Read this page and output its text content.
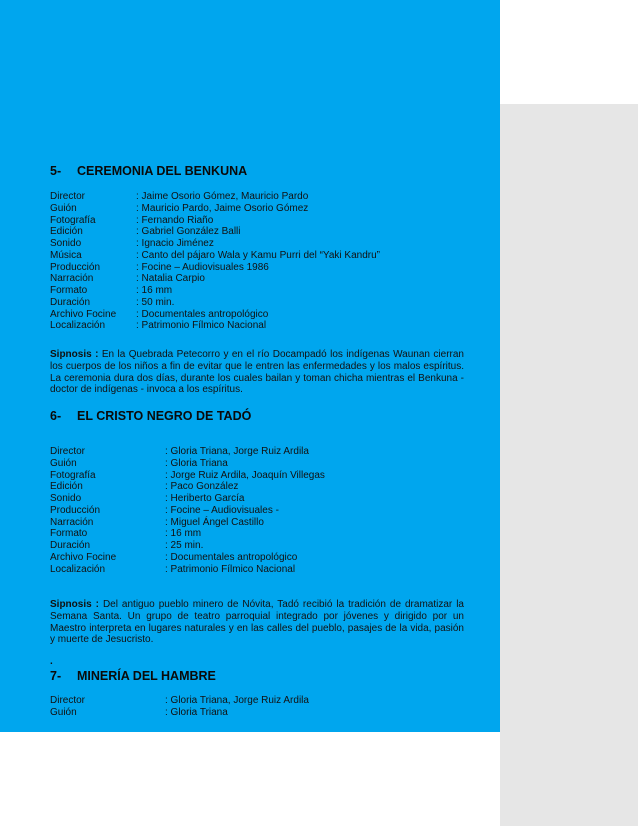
5- CEREMONIA DEL BENKUNA
Director	: Jaime Osorio Gómez, Mauricio Pardo
Guión	: Mauricio Pardo, Jaime Osorio Gómez
Fotografía	: Fernando Riaño
Edición	: Gabriel González Balli
Sonido	: Ignacio Jiménez
Música	: Canto del pájaro Wala y Kamu Purri del “Yaki Kandru”
Producción	: Focine – Audiovisuales 1986
Narración	: Natalia Carpio
Formato	: 16 mm
Duración	: 50 min.
Archivo Focine : Documentales antropológico
Localización	: Patrimonio Fílmico Nacional
Sipnosis : En la Quebrada Petecorro y en el río Docampadó los indígenas Waunan cierran los cuerpos de los niños a fin de evitar que le entren las enfermedades y los malos espíritus. La ceremonia dura dos días, durante los cuales bailan y toman chicha mientras el Benkuna - doctor de indígenas - invoca a los espíritus.
6- EL CRISTO NEGRO DE TADÓ
Director	: Gloria Triana, Jorge Ruiz Ardila
Guión	: Gloria Triana
Fotografía	: Jorge Ruiz Ardila, Joaquín Villegas
Edición	: Paco González
Sonido	: Heriberto García
Producción	: Focine – Audiovisuales -
Narración	: Miguel Ángel Castillo
Formato	: 16 mm
Duración	: 25 min.
Archivo Focine	: Documentales antropológico
Localización	: Patrimonio Fílmico Nacional
Sipnosis : Del antiguo pueblo minero de Nóvita, Tadó recibió la tradición de dramatizar la Semana Santa. Un grupo de teatro parroquial integrado por jóvenes y dirigido por un Maestro interpreta en lugares naturales y en las calles del pueblo, pasajes de la vida, pasión y muerte de Jesucristo.
.
7- MINERÍA DEL HAMBRE
Director	: Gloria Triana, Jorge Ruiz Ardila
Guión	: Gloria Triana
